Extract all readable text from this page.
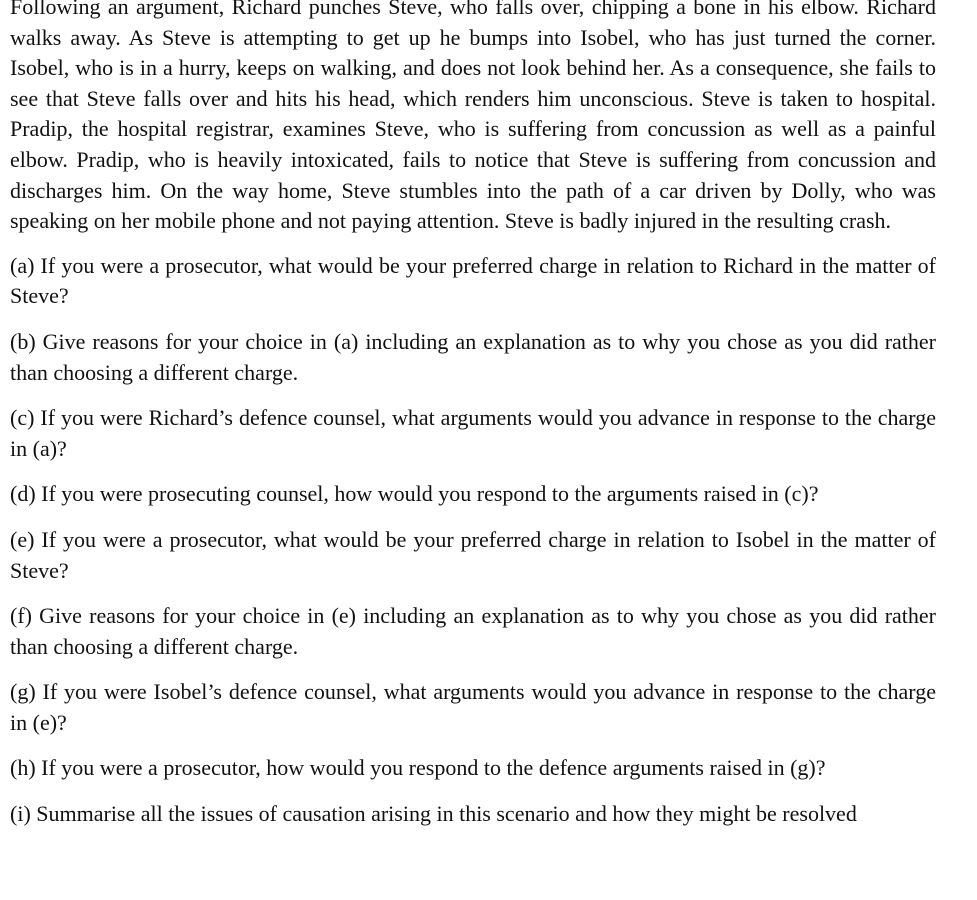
Following an argument, Richard punches Steve, who falls over, chipping a bone in his elbow. Richard walks away. As Steve is attempting to get up he bumps into Isobel, who has just turned the corner. Isobel, who is in a hurry, keeps on walking, and does not look behind her. As a consequence, she fails to see that Steve falls over and hits his head, which renders him unconscious. Steve is taken to hospital. Pradip, the hospital registrar, examines Steve, who is suffering from concussion as well as a painful elbow. Pradip, who is heavily intoxicated, fails to notice that Steve is suffering from concussion and discharges him. On the way home, Steve stumbles into the path of a car driven by Dolly, who was speaking on her mobile phone and not paying attention. Steve is badly injured in the resulting crash.

(a) If you were a prosecutor, what would be your preferred charge in relation to Richard in the matter of Steve?

(b) Give reasons for your choice in (a) including an explanation as to why you chose as you did rather than choosing a different charge.

(c) If you were Richard’s defence counsel, what arguments would you advance in response to the charge in (a)?

(d) If you were prosecuting counsel, how would you respond to the arguments raised in (c)?

(e) If you were a prosecutor, what would be your preferred charge in relation to Isobel in the matter of Steve?

(f) Give reasons for your choice in (e) including an explanation as to why you chose as you did rather than choosing a different charge.

(g) If you were Isobel’s defence counsel, what arguments would you advance in response to the charge in (e)?

(h) If you were a prosecutor, how would you respond to the defence arguments raised in (g)?

(i) Summarise all the issues of causation arising in this scenario and how they might be resolved
